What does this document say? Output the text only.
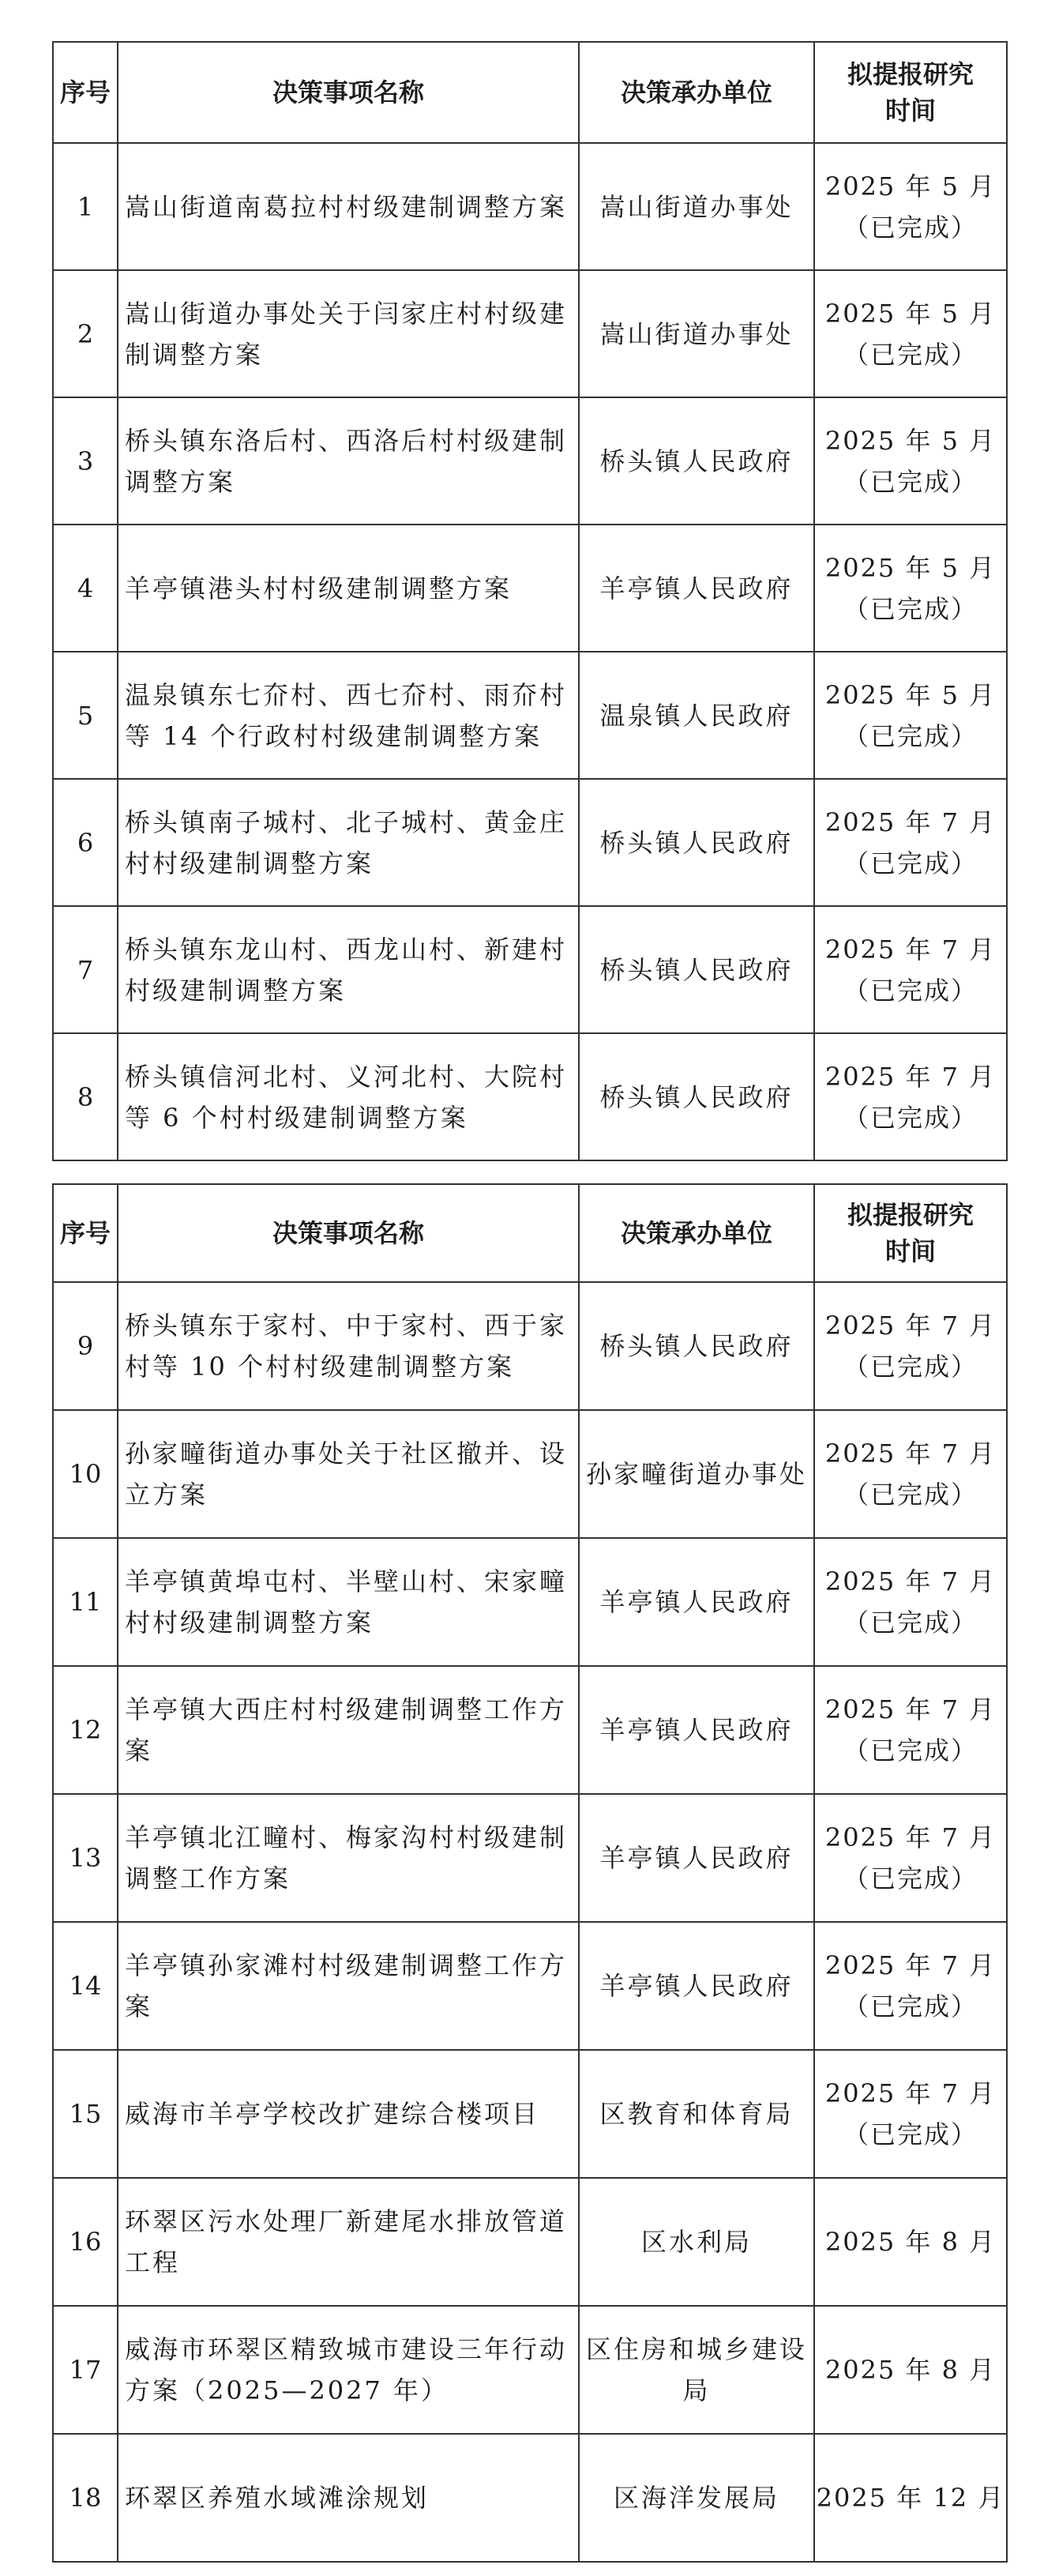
序号	决策事项名称	决策承办单位	拟提报研究时间
1	嵩山街道南葛拉村村级建制调整方案	嵩山街道办事处	2025 年 5 月
（已完成）

2	嵩山街道办事处关于闫家庄村村级建制调整方案	嵩山街道办事处	2025 年 5 月
（已完成）

3	桥头镇东洛后村、西洛后村村级建制调整方案	桥头镇人民政府	2025 年 5 月
（已完成）

4	羊亭镇港头村村级建制调整方案	羊亭镇人民政府	2025 年 5 月
（已完成）

5	温泉镇东七夼村、西七夼村、雨夼村等 14 个行政村村级建制调整方案	温泉镇人民政府	2025 年 5 月
（已完成）

6	桥头镇南子城村、北子城村、黄金庄村村级建制调整方案	桥头镇人民政府	2025 年 7 月
（已完成）

7	桥头镇东龙山村、西龙山村、新建村村级建制调整方案	桥头镇人民政府	2025 年 7 月
（已完成）

8	桥头镇信河北村、义河北村、大院村等 6 个村村级建制调整方案	桥头镇人民政府	2025 年 7 月
（已完成）
序号	决策事项名称	决策承办单位	拟提报研究时间
9	桥头镇东于家村、中于家村、西于家村等 10 个村村级建制调整方案	桥头镇人民政府	2025 年 7 月
（已完成）

10	孙家疃街道办事处关于社区撤并、设立方案	孙家疃街道办事处	2025 年 7 月
（已完成）

11	羊亭镇黄埠屯村、半壁山村、宋家疃村村级建制调整方案	羊亭镇人民政府	2025 年 7 月
（已完成）

12	羊亭镇大西庄村村级建制调整工作方案	羊亭镇人民政府	2025 年 7 月
（已完成）

13	羊亭镇北江疃村、梅家沟村村级建制调整工作方案	羊亭镇人民政府	2025 年 7 月
（已完成）

14	羊亭镇孙家滩村村级建制调整工作方案	羊亭镇人民政府	2025 年 7 月
（已完成）

15	威海市羊亭学校改扩建综合楼项目	区教育和体育局	2025 年 7 月
（已完成）

16	环翠区污水处理厂新建尾水排放管道工程	区水利局	2025 年 8 月

17	威海市环翠区精致城市建设三年行动方案（2025—2027 年）	区住房和城乡建设局	2025 年 8 月

18	环翠区养殖水域滩涂规划	区海洋发展局	2025 年 12 月
